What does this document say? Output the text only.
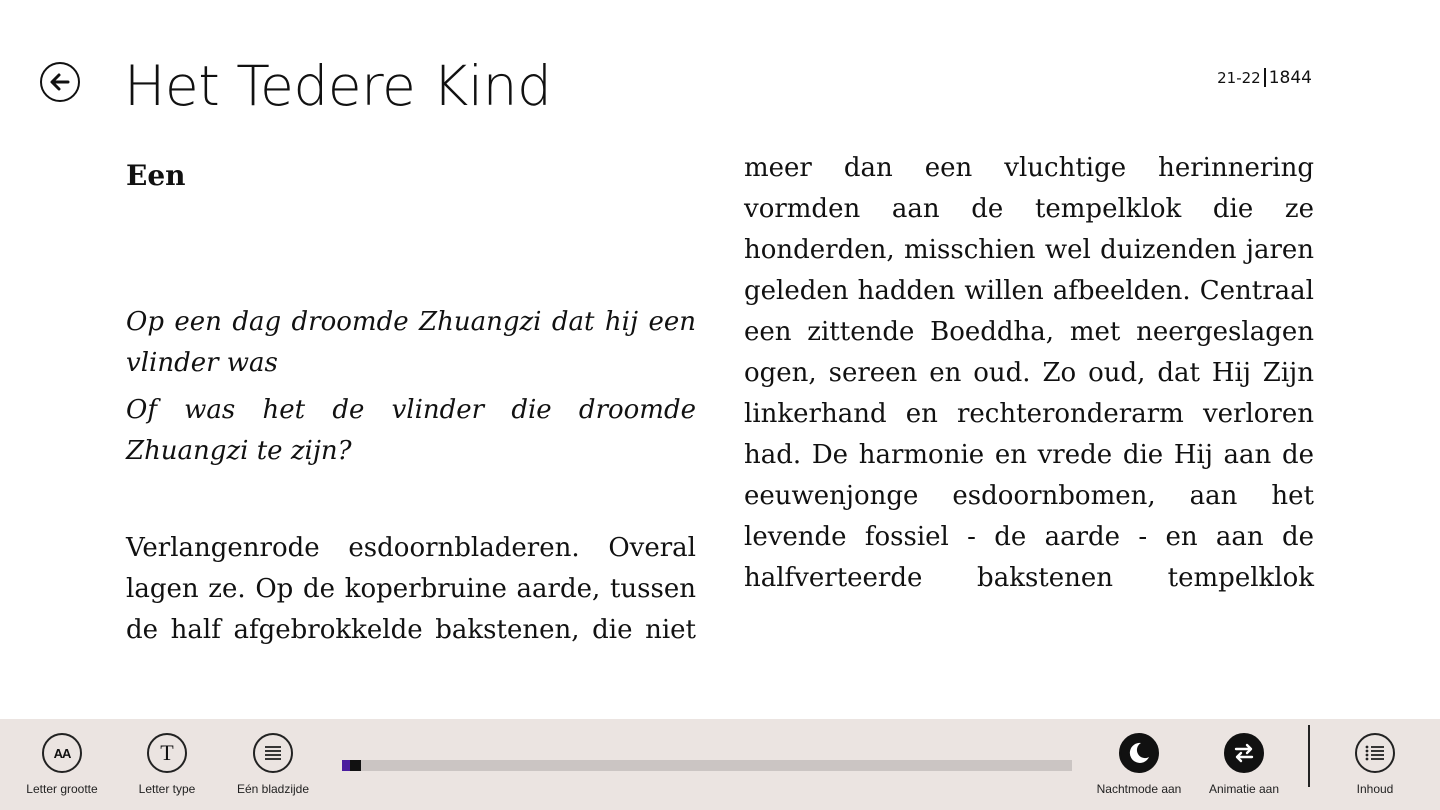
Het Tedere Kind	21-22 1844
Een

Op een dag droomde Zhuangzi dat hij een vlinder was

Of was het de vlinder die droomde Zhuangzi te zijn?

Verlangenrode esdoornbladeren. Overal lagen ze. Op de koperbruine aarde, tussen de half afgebrokkelde bakstenen, die niet

meer dan een vluchtige herinnering vormden aan de tempelklok die ze honderden, misschien wel duizenden jaren geleden hadden willen afbeelden. Centraal een zittende Boeddha, met neergeslagen ogen, sereen en oud. Zo oud, dat Hij Zijn linkerhand en rechteronderarm verloren had. De harmonie en vrede die Hij aan de eeuwenjonge esdoornbomen, aan het levende fossiel - de aarde - en aan de halfverteerde bakstenen tempelklok

AA
Letter grootte
T
Letter type	Eén bladzijde	Nachtmode aan	Animatie aan	Inhoud
